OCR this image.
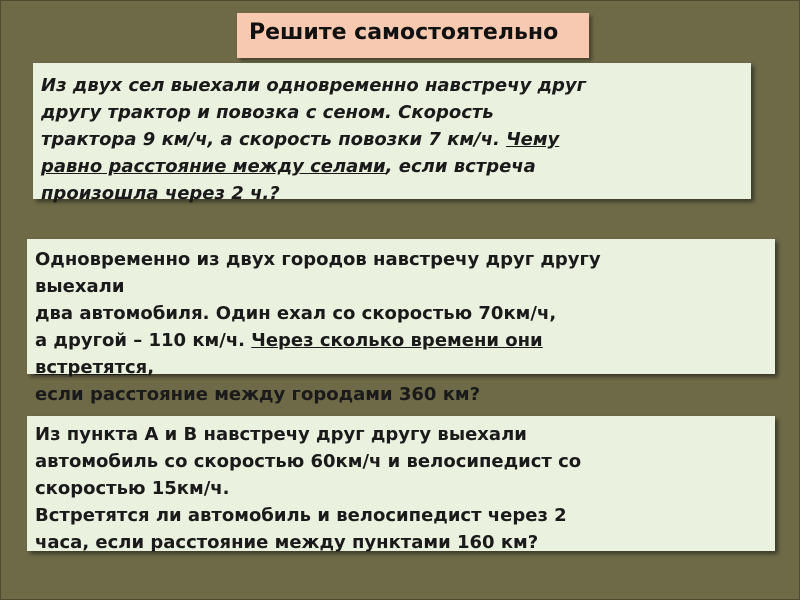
Решите самостоятельно
Из двух сел выехали одновременно навстречу друг
другу трактор и повозка с сеном. Скорость
трактора 9 км/ч, а скорость повозки 7 км/ч. Чему
равно расстояние между селами, если встреча
произошла через 2 ч.?
Одновременно из двух городов навстречу друг другу
выехали
два автомобиля. Один ехал со скоростью 70км/ч,
а другой – 110 км/ч. Через сколько времени они
встретятся,
если расстояние между городами 360 км?
Из пункта А и В навстречу друг другу выехали
автомобиль со скоростью 60км/ч и велосипедист со
скоростью 15км/ч.
Встретятся ли автомобиль и велосипедист через 2
часа, если расстояние между пунктами 160 км?
